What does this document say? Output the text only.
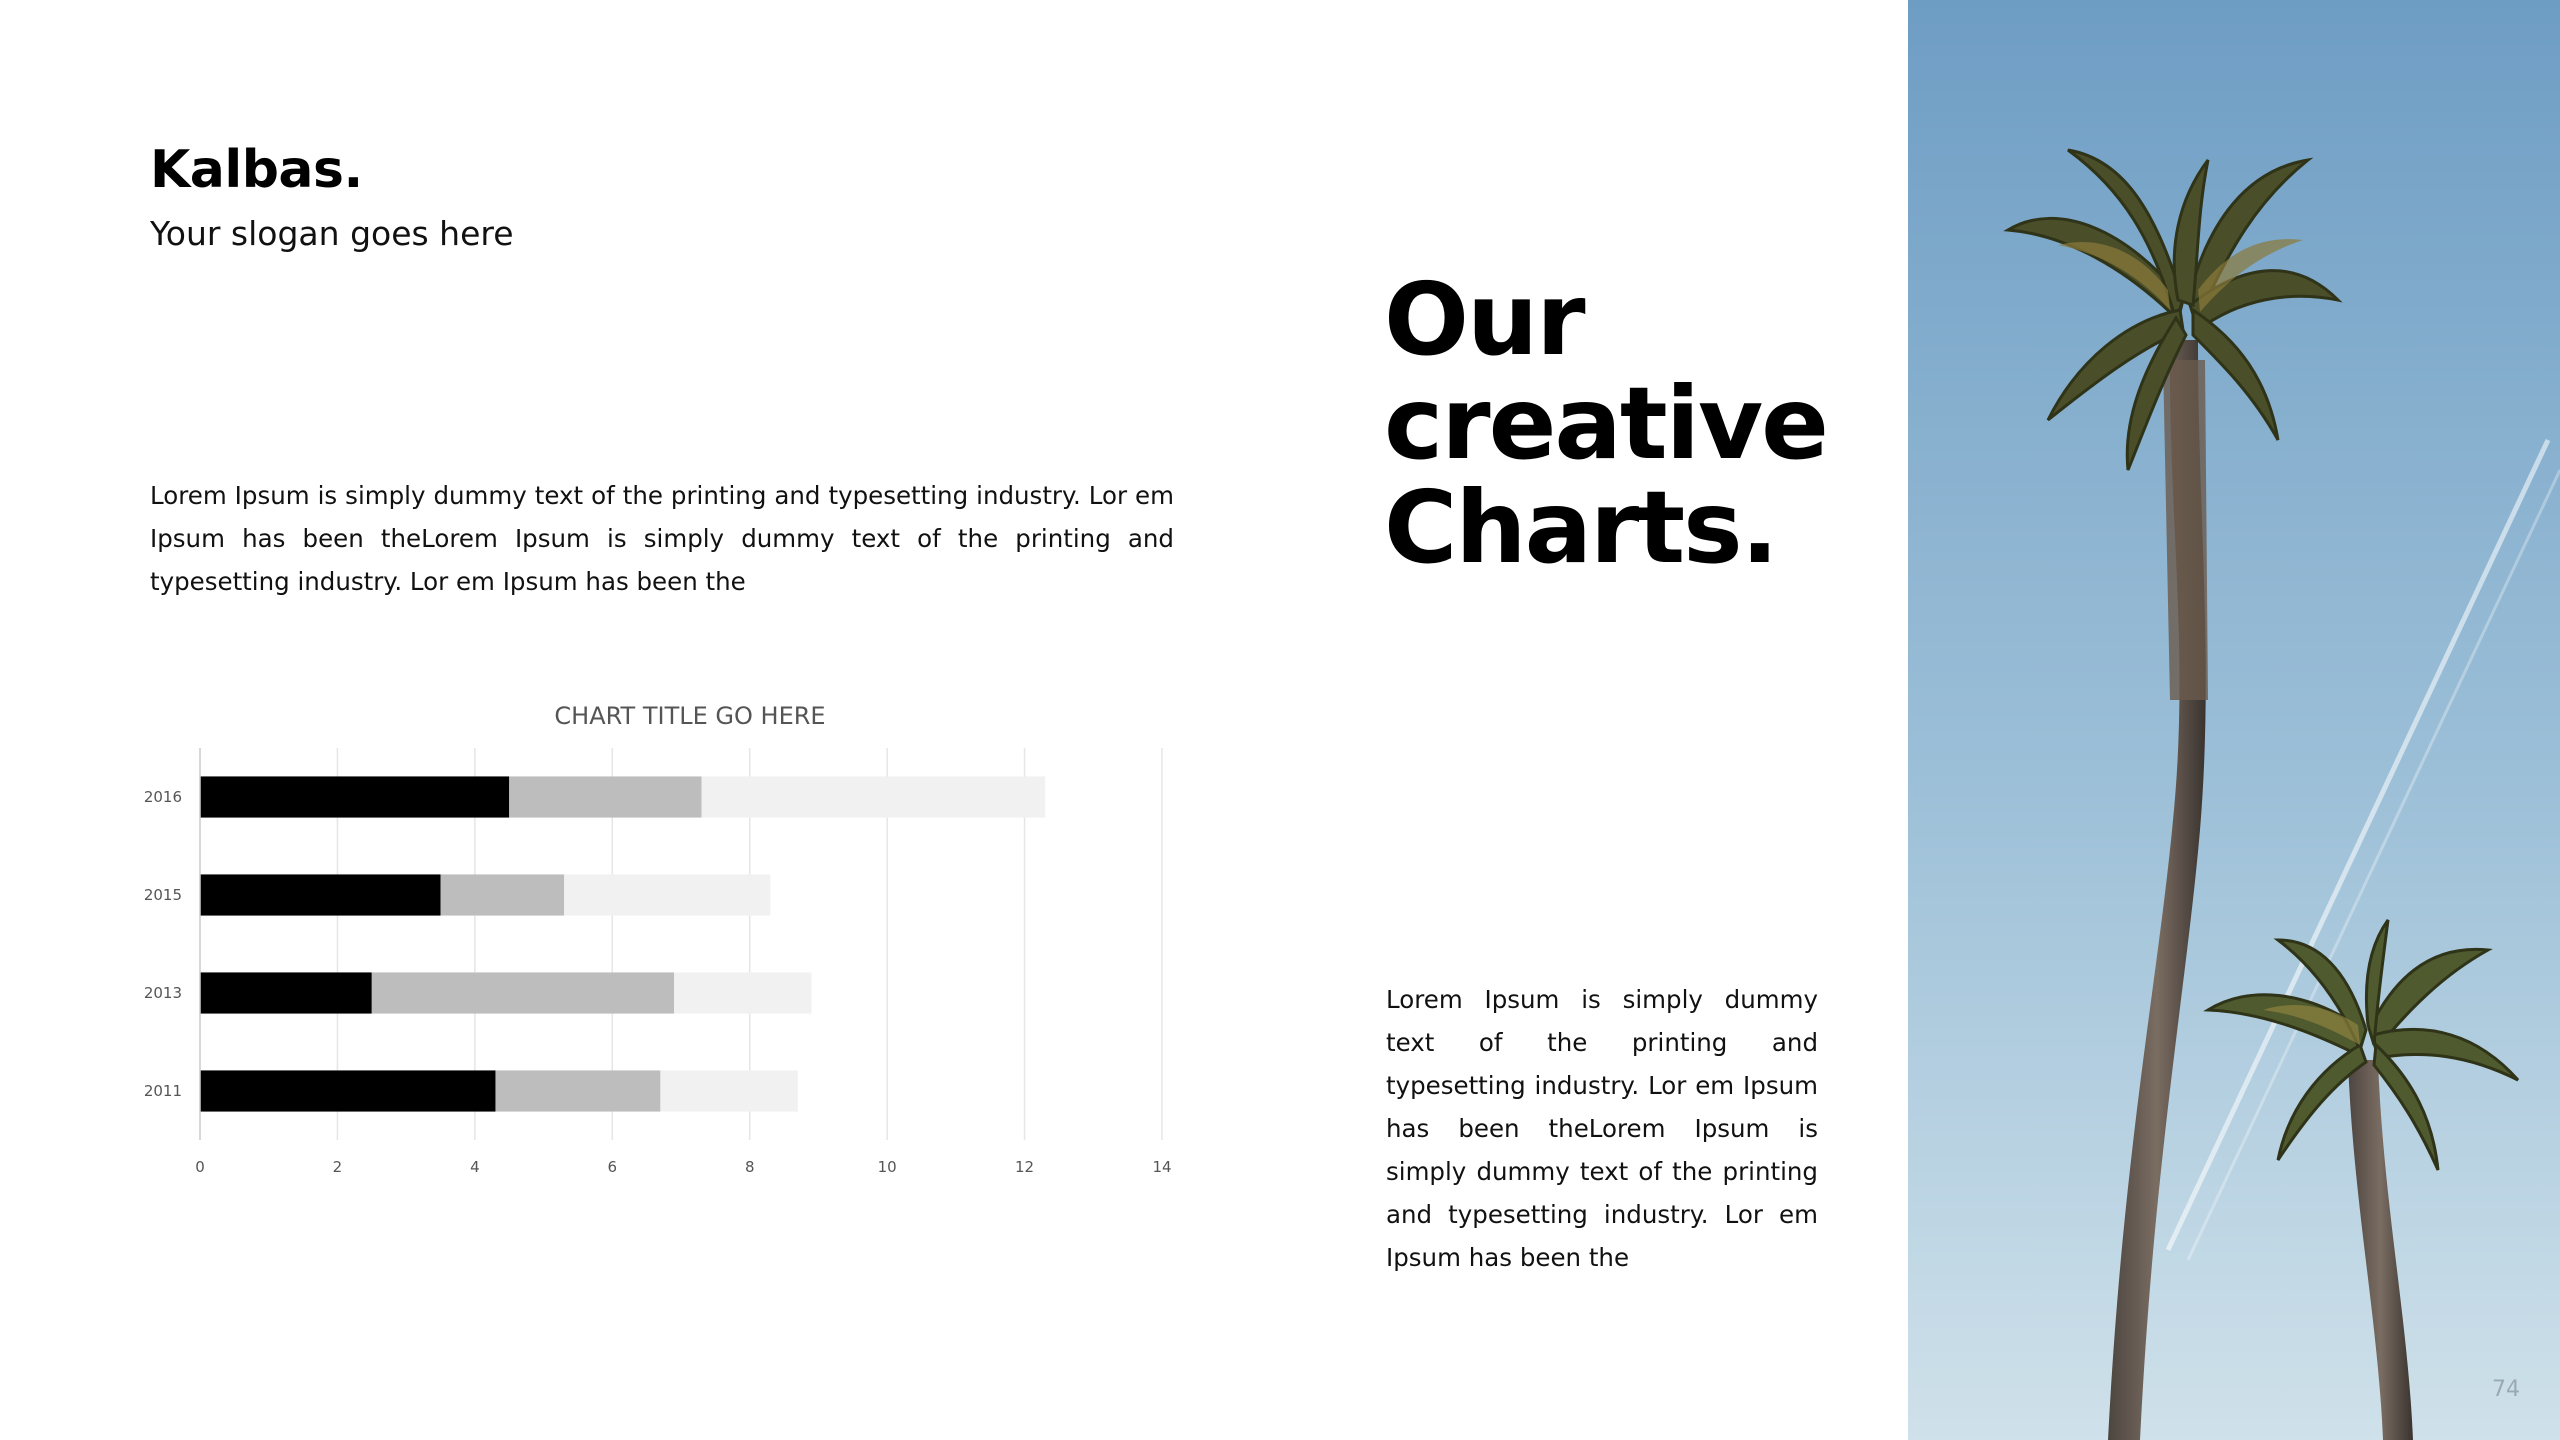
Kalbas.

Your slogan goes here

Lorem Ipsum is simply dummy text of the printing and typesetting industry. Lor em Ipsum has been theLorem Ipsum is simply dummy text of the printing and typesetting industry. Lor em Ipsum has been the

CHART TITLE GO HERE
0	2	4	6	8	10	12	14
2016
2015
2013
2011
Our
creative
Charts.

Lorem Ipsum is simply dummy text of the printing and typesetting industry. Lor em Ipsum has been theLorem Ipsum is simply dummy text of the printing and typesetting industry. Lor em Ipsum has been the

74
